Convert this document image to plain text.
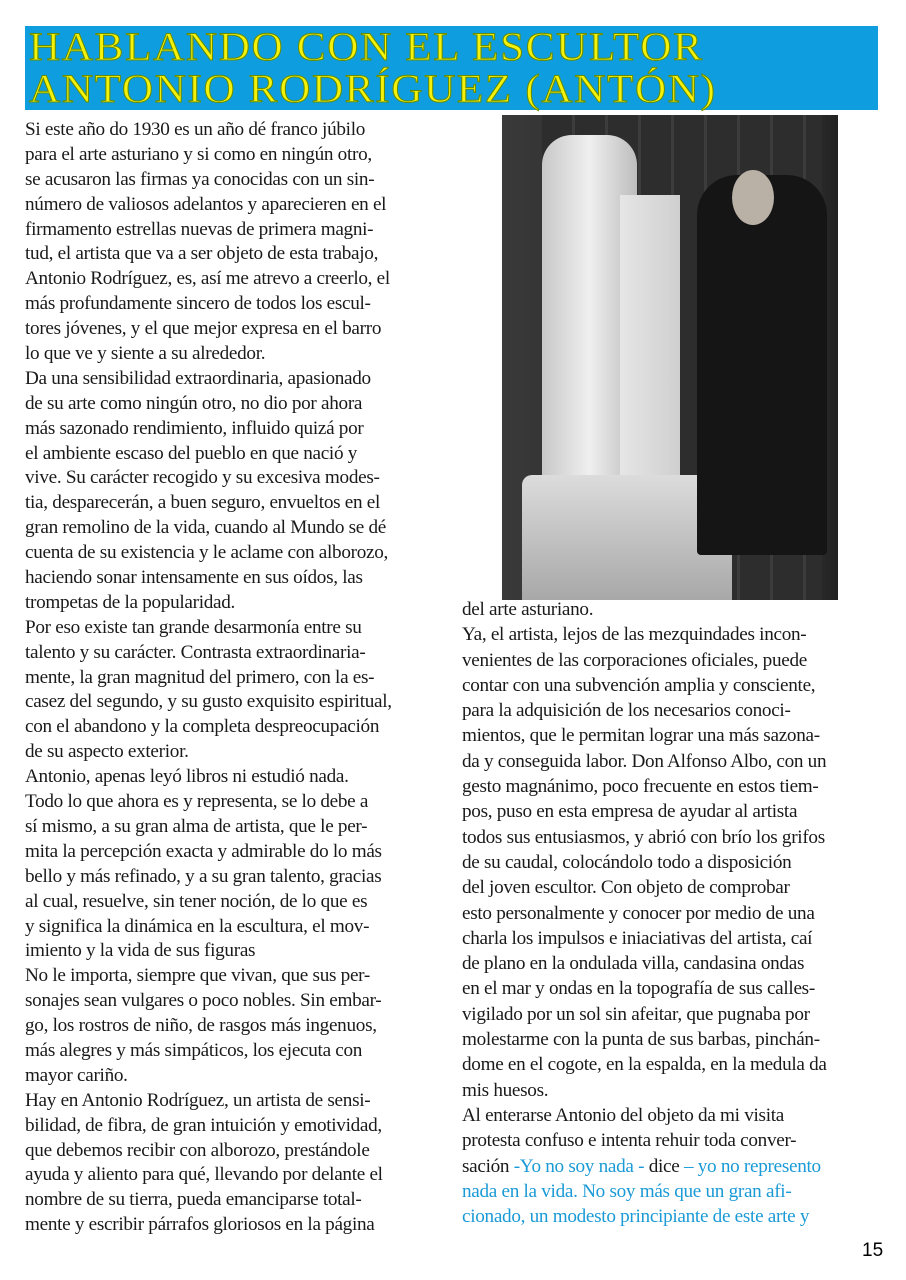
HABLANDO CON EL ESCULTOR
ANTONIO RODRÍGUEZ (ANTÓN)
Si este año do 1930 es un año dé franco júbilo
para el arte asturiano y si como en ningún otro,
se acusaron las firmas ya conocidas con un sin-
número de valiosos adelantos y aparecieren en el
firmamento estrellas nuevas de primera magni-
tud, el artista que va a ser objeto de esta trabajo,
Antonio Rodríguez, es, así me atrevo a creerlo, el
más profundamente sincero de todos los escul-
tores jóvenes, y el que mejor expresa en el barro
lo que ve y siente a su alrededor.
Da una sensibilidad extraordinaria, apasionado
de su arte como ningún otro, no dio por ahora
más sazonado rendimiento, influido quizá por
el ambiente escaso del pueblo en que nació y
vive. Su carácter recogido y su excesiva modes-
tia, desparecerán, a buen seguro, envueltos en el
gran remolino de la vida, cuando al Mundo se dé
cuenta de su existencia y le aclame con alborozo,
haciendo sonar intensamente en sus oídos, las
trompetas de la popularidad.
Por eso existe tan grande desarmonía entre su
talento y su carácter. Contrasta extraordinaria-
mente, la gran magnitud del primero, con la es-
casez del segundo, y su gusto exquisito espiritual,
con el abandono y la completa despreocupación
de su aspecto exterior.
Antonio, apenas leyó libros ni estudió nada.
Todo lo que ahora es y representa, se lo debe a
sí mismo, a su gran alma de artista, que le per-
mita la percepción exacta y admirable do lo más
bello y más refinado, y a su gran talento, gracias
al cual, resuelve, sin tener noción, de lo que es
y significa la dinámica en la escultura, el mov-
imiento y la vida de sus figuras
No le importa, siempre que vivan, que sus per-
sonajes sean vulgares o poco nobles. Sin embar-
go, los rostros de niño, de rasgos más ingenuos,
más alegres y más simpáticos, los ejecuta con
mayor cariño.
Hay en Antonio Rodríguez, un artista de sensi-
bilidad, de fibra, de gran intuición y emotividad,
que debemos recibir con alborozo, prestándole
ayuda y aliento para qué, llevando por delante el
nombre de su tierra, pueda emanciparse total-
mente y escribir párrafos gloriosos en la página
del arte asturiano.
Ya, el artista, lejos de las mezquindades incon-
venientes de las corporaciones oficiales, puede
contar con una subvención amplia y consciente,
para la adquisición de los necesarios conoci-
mientos, que le permitan lograr una más sazona-
da y conseguida labor. Don Alfonso Albo, con un
gesto magnánimo, poco frecuente en estos tiem-
pos, puso en esta empresa de ayudar al artista
todos sus entusiasmos, y abrió con brío los grifos
de su caudal, colocándolo todo a disposición
del joven escultor. Con objeto de comprobar
esto personalmente y conocer por medio de una
charla los impulsos e iniaciativas del artista, caí
de plano en la ondulada villa, candasina ondas
en el mar y ondas en la topografía de sus calles-
vigilado por un sol sin afeitar, que pugnaba por
molestarme con la punta de sus barbas, pinchán-
dome en el cogote, en la espalda, en la medula da
mis huesos.
Al enterarse Antonio del objeto da mi visita
protesta confuso e intenta rehuir toda conver-
sación -Yo no soy nada - dice – yo no represento
nada en la vida. No soy más que un gran afi-
cionado, un modesto principiante de este arte y
15
